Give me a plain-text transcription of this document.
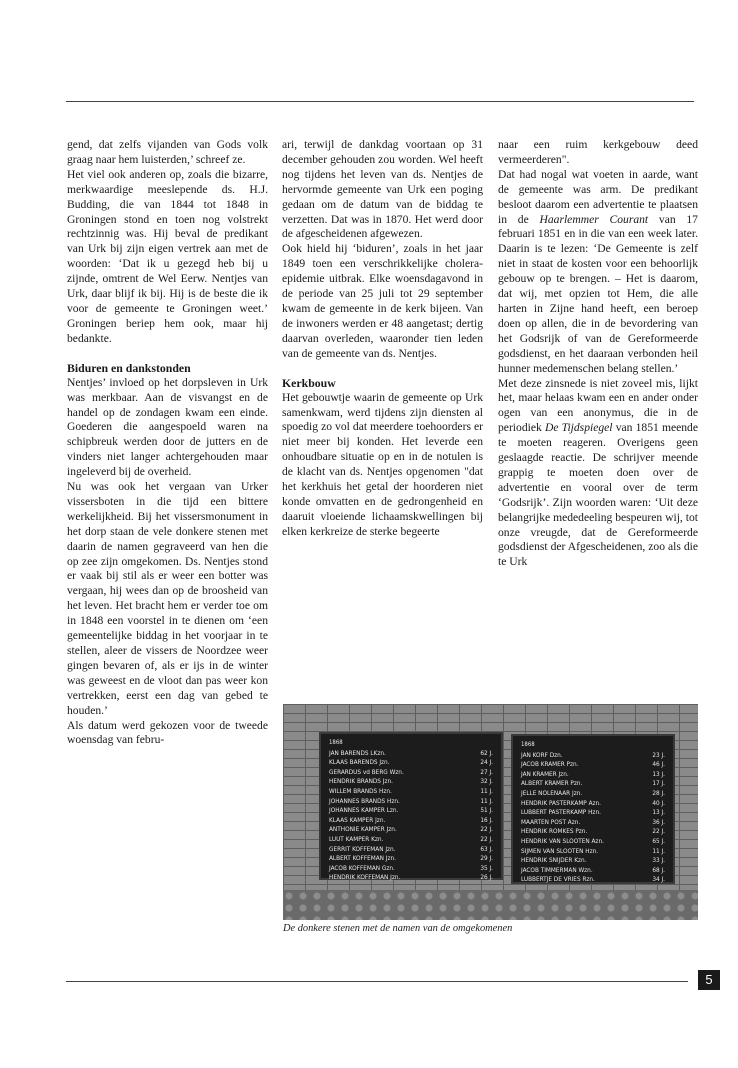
gend, dat zelfs vijanden van Gods volk graag naar hem luisterden,’ schreef ze.

Het viel ook anderen op, zoals die bizarre, merkwaardige meeslepende ds. H.J. Budding, die van 1844 tot 1848 in Groningen stond en toen nog volstrekt rechtzinnig was. Hij beval de predikant van Urk bij zijn eigen vertrek aan met de woorden: ‘Dat ik u gezegd heb bij u zijnde, omtrent de Wel Eerw. Nentjes van Urk, daar blijf ik bij. Hij is de beste die ik voor de gemeente te Groningen weet.’ Groningen beriep hem ook, maar hij bedankte.

Biduren en dankstonden

Nentjes’ invloed op het dorpsleven in Urk was merkbaar. Aan de visvangst en de handel op de zondagen kwam een einde. Goederen die aangespoeld waren na schipbreuk werden door de jutters en de vinders niet langer achtergehouden maar ingeleverd bij de overheid.

Nu was ook het vergaan van Urker vissersboten in die tijd een bittere werkelijkheid. Bij het vissersmonument in het dorp staan de vele donkere stenen met daarin de namen gegraveerd van hen die op zee zijn omgekomen. Ds. Nentjes stond er vaak bij stil als er weer een botter was vergaan, hij wees dan op de broosheid van het leven. Het bracht hem er verder toe om in 1848 een voorstel in te dienen om ‘een gemeentelijke biddag in het voorjaar in te stellen, aleer de vissers de Noordzee weer gingen bevaren of, als er ijs in de winter was geweest en de vloot dan pas weer kon vertrekken, eerst een dag van gebed te houden.’

Als datum werd gekozen voor de tweede woensdag van febru-

ari, terwijl de dankdag voortaan op 31 december gehouden zou worden. Wel heeft nog tijdens het leven van ds. Nentjes de hervormde gemeente van Urk een poging gedaan om de datum van de biddag te verzetten. Dat was in 1870. Het werd door de afgescheidenen afgewezen.

Ook hield hij ‘biduren’, zoals in het jaar 1849 toen een verschrikkelijke cholera-epidemie uitbrak. Elke woensdagavond in de periode van 25 juli tot 29 september kwam de gemeente in de kerk bijeen. Van de inwoners werden er 48 aangetast; dertig daarvan overleden, waaronder tien leden van de gemeente van ds. Nentjes.

Kerkbouw

Het gebouwtje waarin de gemeente op Urk samenkwam, werd tijdens zijn diensten al spoedig zo vol dat meerdere toehoorders er niet meer bij konden. Het leverde een onhoudbare situatie op en in de notulen is de klacht van ds. Nentjes opgenomen "dat het kerkhuis het getal der hoorderen niet konde omvatten en de gedrongenheid en daaruit vloeiende lichaamskwellingen bij elken kerkreize de sterke begeerte

naar een ruim kerkgebouw deed vermeerderen".

Dat had nogal wat voeten in aarde, want de gemeente was arm. De predikant besloot daarom een advertentie te plaatsen in de Haarlemmer Courant van 17 februari 1851 en in die van een week later. Daarin is te lezen: ‘De Gemeente is zelf niet in staat de kosten voor een behoorlijk gebouw op te brengen. – Het is daarom, dat wij, met opzien tot Hem, die alle harten in Zijne hand heeft, een beroep doen op allen, die in de bevordering van het Godsrijk of van de Gereformeerde godsdienst, en het daaraan verbonden heil hunner medemenschen belang stellen.’

Met deze zinsnede is niet zoveel mis, lijkt het, maar helaas kwam een en ander onder ogen van een anonymus, die in de periodiek De Tijdspiegel van 1851 meende te moeten reageren. Overigens geen geslaagde reactie. De schrijver meende grappig te moeten doen over de advertentie en vooral over de term ‘Godsrijk’. Zijn woorden waren: ‘Uit deze belangrijke mededeeling bespeuren wij, tot onze vreugde, dat de Gereformeerde godsdienst der Afgescheidenen, zoo als die te Urk

1868
JAN BARENDS LKzn.	62 J.
KLAAS BARENDS Jzn.	24 J.
GERARDUS vd BERG Wzn.	27 J.
HENDRIK BRANDS Jzn.	32 J.
WILLEM BRANDS Hzn.	11 J.
JOHANNES BRANDS Hzn.	11 J.
JOHANNES KAMPER Lzn.	51 J.
KLAAS KAMPER Jzn.	16 J.
ANTHONIE KAMPER Jzn.	22 J.
LUUT KAMPER Kzn.	22 J.
GERRIT KOFFEMAN Jzn.	63 J.
ALBERT KOFFEMAN Jzn.	29 J.
JACOB KOFFEMAN Gzn.	35 J.
HENDRIK KOFFEMAN Jzn.	26 J.
1868
JAN KORF Dzn.	23 J.
JACOB KRAMER Pzn.	46 J.
JAN KRAMER Jzn.	13 J.
ALBERT KRAMER Pzn.	17 J.
JELLE NOLENAAR Jzn.	28 J.
HENDRIK PASTERKAMP Azn.	40 J.
LUBBERT PASTERKAMP Hzn.	13 J.
MAARTEN POST Azn.	36 J.
HENDRIK ROMKES Pzn.	22 J.
HENDRIK VAN SLOOTEN Azn.	65 J.
SIJMEN VAN SLOOTEN Hzn.	11 J.
HENDRIK SNIJDER Kzn.	33 J.
JACOB TIMMERMAN Wzn.	68 J.
LUBBERTJE DE VRIES Rzn.	34 J.
De donkere stenen met de namen van de omgekomenen
5
